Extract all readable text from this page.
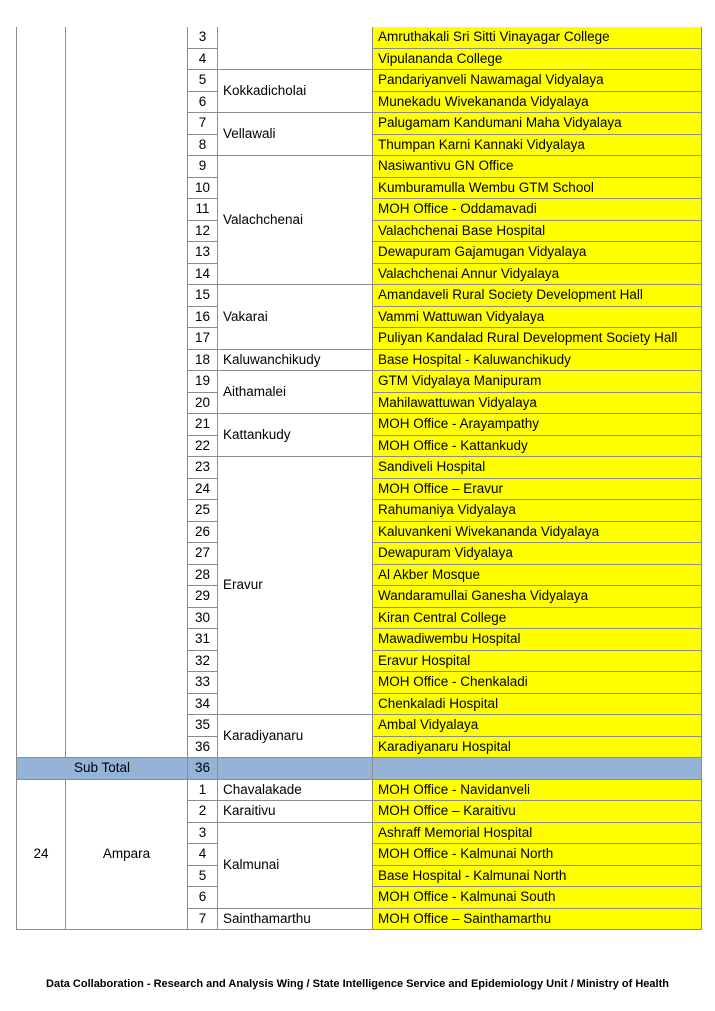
		3		Amruthakali Sri Sitti Vinayagar College
		4		Vipulananda College
		5	Kokkadicholai	Pandariyanveli Nawamagal Vidyalaya
		6		Munekadu Wivekananda Vidyalaya
		7	Vellawali	Palugamam Kandumani Maha Vidyalaya
		8		Thumpan Karni Kannaki Vidyalaya
		9	Valachchenai	Nasiwantivu GN Office
		10		Kumburamulla Wembu GTM School
		11		MOH Office - Oddamavadi
		12		Valachchenai Base Hospital
		13		Dewapuram Gajamugan Vidyalaya
		14		Valachchenai Annur Vidyalaya
		15	Vakarai	Amandaveli Rural Society Development Hall
		16		Vammi Wattuwan Vidyalaya
		17		Puliyan Kandalad Rural Development Society Hall
		18	Kaluwanchikudy	Base Hospital - Kaluwanchikudy
		19	Aithamalei	GTM Vidyalaya Manipuram
		20		Mahilawattuwan Vidyalaya
		21	Kattankudy	MOH Office - Arayampathy
		22		MOH Office - Kattankudy
		23	Eravur	Sandiveli Hospital
		24		MOH Office – Eravur
		25		Rahumaniya Vidyalaya
		26		Kaluvankeni Wivekananda Vidyalaya
		27		Dewapuram Vidyalaya
		28		Al Akber Mosque
		29		Wandaramullai Ganesha Vidyalaya
		30		Kiran Central College
		31		Mawadiwembu Hospital
		32		Eravur Hospital
		33		MOH Office - Chenkaladi
		34		Chenkaladi Hospital
		35	Karadiyanaru	Ambal Vidyalaya
		36		Karadiyanaru Hospital
Sub Total		36		
24	Ampara	1	Chavalakade	MOH Office - Navidanveli
		2	Karaitivu	MOH Office – Karaitivu
		3	Kalmunai	Ashraff Memorial Hospital
		4		MOH Office - Kalmunai North
		5		Base Hospital - Kalmunai North
		6		MOH Office - Kalmunai South
		7	Sainthamarthu	MOH Office – Sainthamarthu
Data Collaboration - Research and Analysis Wing / State Intelligence Service and Epidemiology Unit / Ministry of Health
